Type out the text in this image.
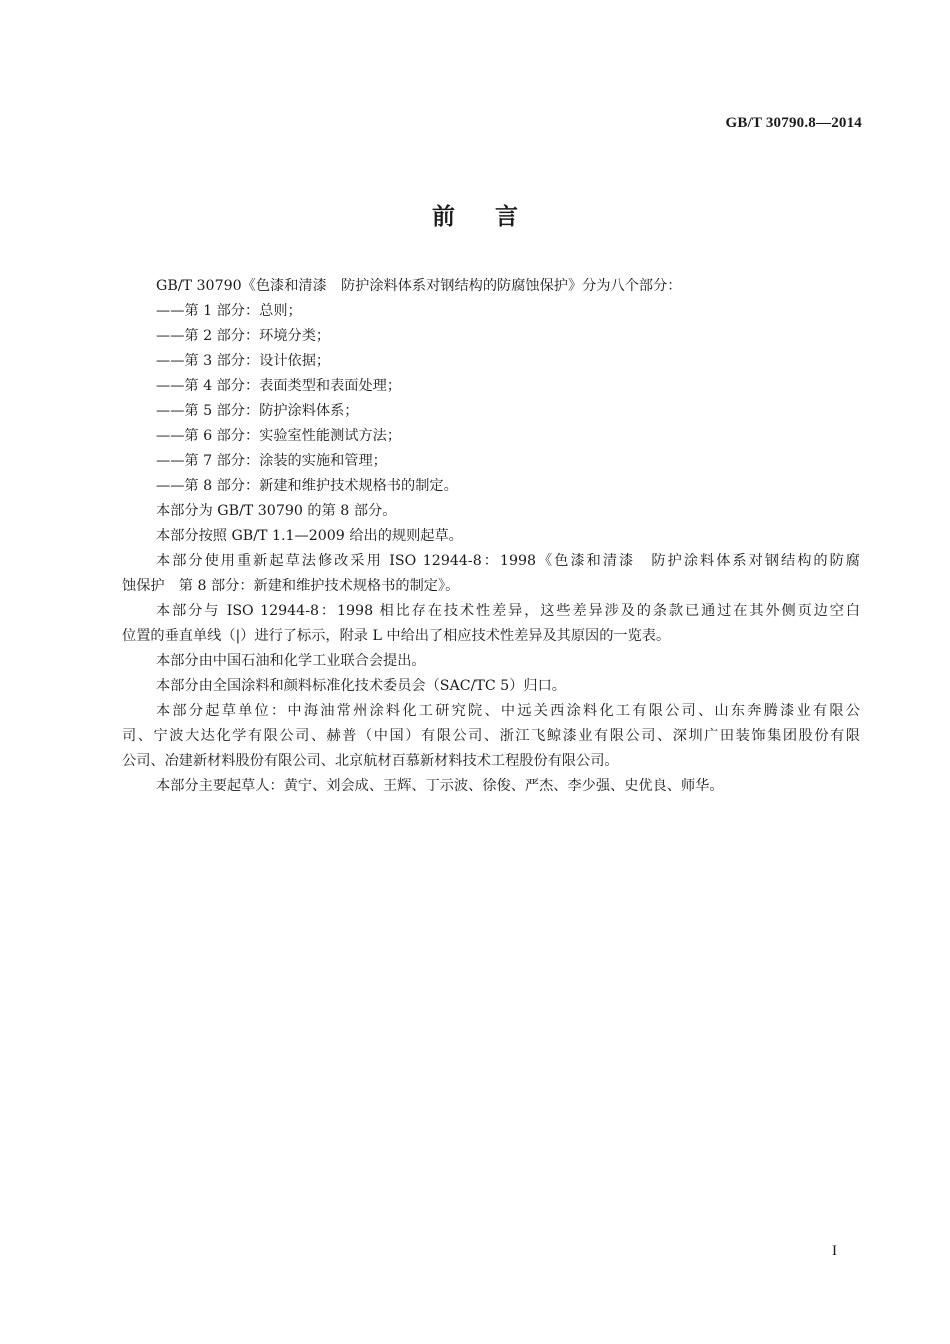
GB/T 30790.8—2014
前言

GB/T 30790《色漆和清漆　防护涂料体系对钢结构的防腐蚀保护》分为八个部分：

——第 1 部分：总则；

——第 2 部分：环境分类；

——第 3 部分：设计依据；

——第 4 部分：表面类型和表面处理；

——第 5 部分：防护涂料体系；

——第 6 部分：实验室性能测试方法；

——第 7 部分：涂装的实施和管理；

——第 8 部分：新建和维护技术规格书的制定。

本部分为 GB/T 30790 的第 8 部分。

本部分按照 GB/T 1.1—2009 给出的规则起草。

本部分使用重新起草法修改采用 ISO 12944-8：1998《色漆和清漆　防护涂料体系对钢结构的防腐

蚀保护　第 8 部分：新建和维护技术规格书的制定》。

本部分与 ISO 12944-8：1998 相比存在技术性差异，这些差异涉及的条款已通过在其外侧页边空白

位置的垂直单线（|）进行了标示，附录 L 中给出了相应技术性差异及其原因的一览表。

本部分由中国石油和化学工业联合会提出。

本部分由全国涂料和颜料标准化技术委员会（SAC/TC 5）归口。

本部分起草单位：中海油常州涂料化工研究院、中远关西涂料化工有限公司、山东奔腾漆业有限公

司、宁波大达化学有限公司、赫普（中国）有限公司、浙江飞鲸漆业有限公司、深圳广田装饰集团股份有限

公司、冶建新材料股份有限公司、北京航材百慕新材料技术工程股份有限公司。

本部分主要起草人：黄宁、刘会成、王辉、丁示波、徐俊、严杰、李少强、史优良、师华。

I
